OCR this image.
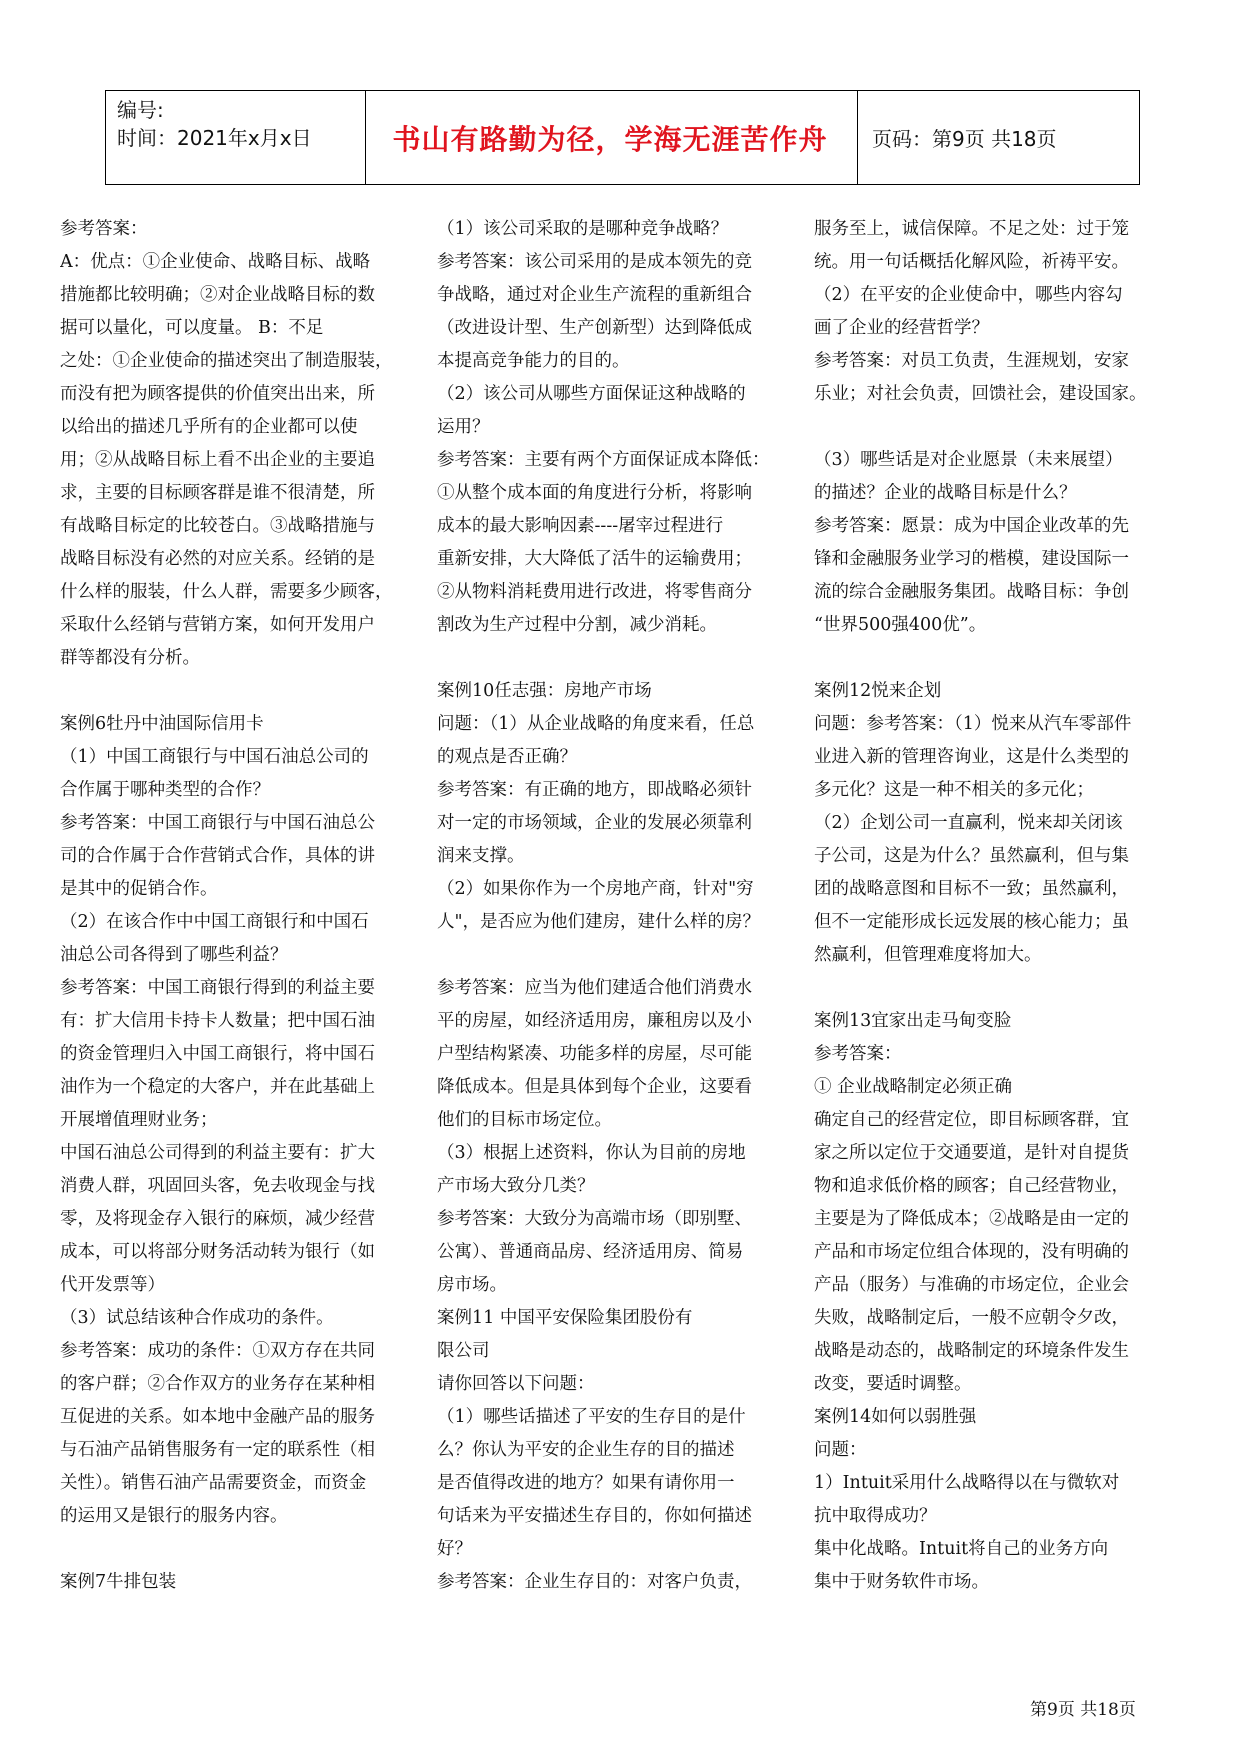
编号:
时间：2021年x月x日	书山有路勤为径，学海无涯苦作舟	页码：第9页 共18页
参考答案：
A：优点：①企业使命、战略目标、战略
措施都比较明确；②对企业战略目标的数
据可以量化，可以度量。 B：不足
之处：①企业使命的描述突出了制造服装，
而没有把为顾客提供的价值突出出来，所
以给出的描述几乎所有的企业都可以使
用；②从战略目标上看不出企业的主要追
求，主要的目标顾客群是谁不很清楚，所
有战略目标定的比较苍白。③战略措施与
战略目标没有必然的对应关系。经销的是
什么样的服装，什么人群，需要多少顾客，
采取什么经销与营销方案，如何开发用户
群等都没有分析。
案例6牡丹中油国际信用卡
（1）中国工商银行与中国石油总公司的
合作属于哪种类型的合作？
参考答案：中国工商银行与中国石油总公
司的合作属于合作营销式合作，具体的讲
是其中的促销合作。
（2）在该合作中中国工商银行和中国石
油总公司各得到了哪些利益？
参考答案：中国工商银行得到的利益主要
有：扩大信用卡持卡人数量；把中国石油
的资金管理归入中国工商银行，将中国石
油作为一个稳定的大客户，并在此基础上
开展增值理财业务；
中国石油总公司得到的利益主要有：扩大
消费人群，巩固回头客，免去收现金与找
零，及将现金存入银行的麻烦，减少经营
成本，可以将部分财务活动转为银行（如
代开发票等）
（3）试总结该种合作成功的条件。
参考答案：成功的条件：①双方存在共同
的客户群；②合作双方的业务存在某种相
互促进的关系。如本地中金融产品的服务
与石油产品销售服务有一定的联系性（相
关性）。销售石油产品需要资金，而资金
的运用又是银行的服务内容。
案例7牛排包装
（1）该公司采取的是哪种竞争战略？
参考答案：该公司采用的是成本领先的竞
争战略，通过对企业生产流程的重新组合
（改进设计型、生产创新型）达到降低成
本提高竞争能力的目的。
（2）该公司从哪些方面保证这种战略的
运用？
参考答案：主要有两个方面保证成本降低：
①从整个成本面的角度进行分析，将影响
成本的最大影响因素----屠宰过程进行
重新安排，大大降低了活牛的运输费用；
②从物料消耗费用进行改进，将零售商分
割改为生产过程中分割，减少消耗。
案例10任志强：房地产市场
问题：（1）从企业战略的角度来看，任总
的观点是否正确？
参考答案：有正确的地方，即战略必须针
对一定的市场领域，企业的发展必须靠利
润来支撑。
（2）如果你作为一个房地产商，针对"穷
人"，是否应为他们建房，建什么样的房？
参考答案：应当为他们建适合他们消费水
平的房屋，如经济适用房，廉租房以及小
户型结构紧凑、功能多样的房屋，尽可能
降低成本。但是具体到每个企业，这要看
他们的目标市场定位。
（3）根据上述资料，你认为目前的房地
产市场大致分几类？
参考答案：大致分为高端市场（即别墅、
公寓）、普通商品房、经济适用房、简易
房市场。
案例11 中国平安保险集团股份有
限公司
请你回答以下问题：
（1）哪些话描述了平安的生存目的是什
么？你认为平安的企业生存的目的描述
是否值得改进的地方？如果有请你用一
句话来为平安描述生存目的，你如何描述
好？
参考答案：企业生存目的：对客户负责，
服务至上，诚信保障。不足之处：过于笼
统。用一句话概括化解风险，祈祷平安。
（2）在平安的企业使命中，哪些内容勾
画了企业的经营哲学？
参考答案：对员工负责，生涯规划，安家
乐业；对社会负责，回馈社会，建设国家。
（3）哪些话是对企业愿景（未来展望）
的描述？企业的战略目标是什么？
参考答案：愿景：成为中国企业改革的先
锋和金融服务业学习的楷模，建设国际一
流的综合金融服务集团。战略目标：争创
“世界500强400优”。
案例12悦来企划
问题：参考答案：（1）悦来从汽车零部件
业进入新的管理咨询业，这是什么类型的
多元化？这是一种不相关的多元化；
（2）企划公司一直赢利，悦来却关闭该
子公司，这是为什么？虽然赢利，但与集
团的战略意图和目标不一致；虽然赢利，
但不一定能形成长远发展的核心能力；虽
然赢利，但管理难度将加大。
案例13宜家出走马甸变脸
参考答案：
① 企业战略制定必须正确
确定自己的经营定位，即目标顾客群，宜
家之所以定位于交通要道，是针对自提货
物和追求低价格的顾客；自己经营物业，
主要是为了降低成本；②战略是由一定的
产品和市场定位组合体现的，没有明确的
产品（服务）与准确的市场定位，企业会
失败，战略制定后，一般不应朝令夕改，
战略是动态的，战略制定的环境条件发生
改变，要适时调整。
案例14如何以弱胜强
问题：
1）Intuit采用什么战略得以在与微软对
抗中取得成功？
集中化战略。Intuit将自己的业务方向
集中于财务软件市场。
第9页 共18页
